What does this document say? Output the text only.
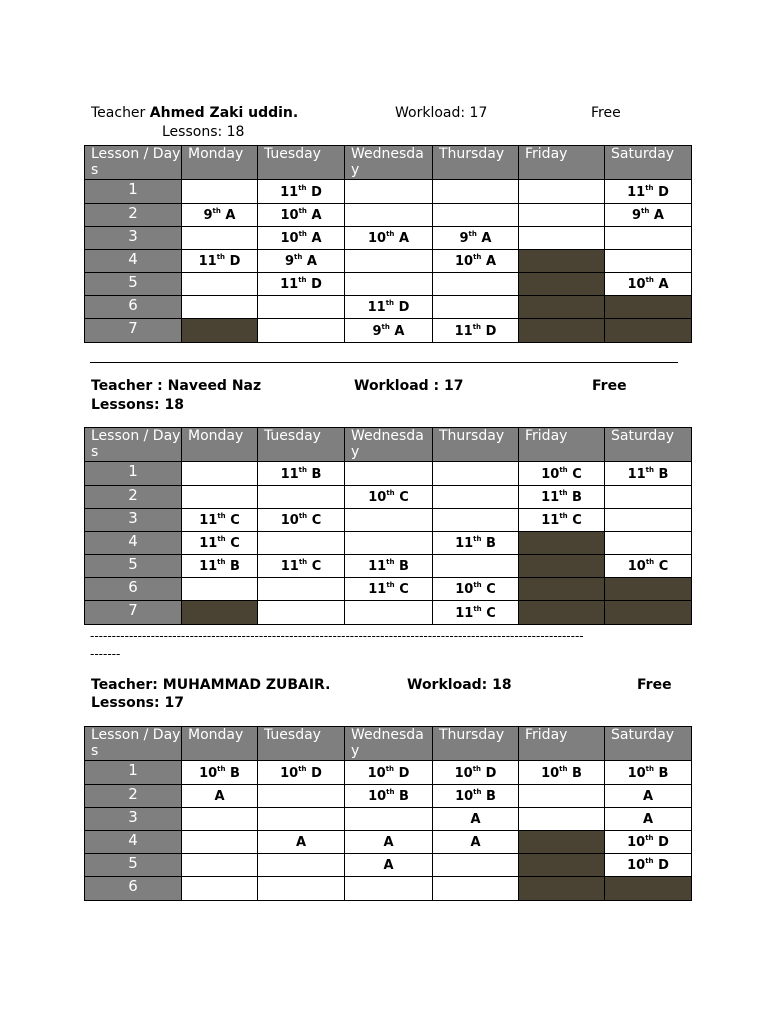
Teacher Ahmed Zaki uddin.	Workload: 17	Free
Lessons: 18
Lesson / Days	Monday	Tuesday	Wednesday	Thursday	Friday	Saturday
1		11th D				11th D
2	9th A	10th A				9th A
3		10th A	10th A	9th A		
4	11th D	9th A		10th A		
5		11th D				10th A
6			11th D			
7			9th A	11th D		
Teacher : Naveed Naz	Workload : 17	Free
Lessons: 18
Lesson / Days	Monday	Tuesday	Wednesday	Thursday	Friday	Saturday
1		11th B			10th C	11th B
2			10th C		11th B	
3	11th C	10th C			11th C	
4	11th C			11th B		
5	11th B	11th C	11th B			10th C
6			11th C	10th C		
7				11th C		
------------------------------------------------------------------------------------------------------------------
-------
Teacher: MUHAMMAD ZUBAIR.	Workload: 18	Free
Lessons: 17
Lesson / Days	Monday	Tuesday	Wednesday	Thursday	Friday	Saturday
1	10th B	10th D	10th D	10th D	10th B	10th B
2	A		10th B	10th B		A
3				A		A
4		A	A	A		10th D
5			A			10th D
6						
